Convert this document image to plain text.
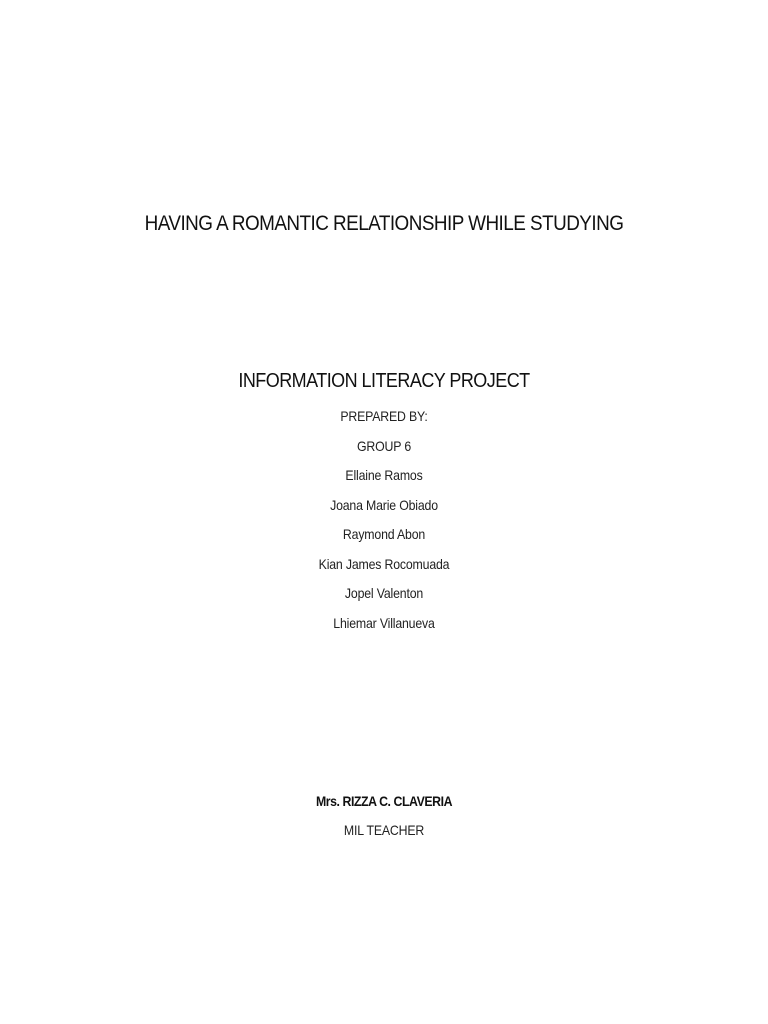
HAVING A ROMANTIC RELATIONSHIP WHILE STUDYING
INFORMATION LITERACY PROJECT
PREPARED BY:
GROUP 6
Ellaine Ramos
Joana Marie Obiado
Raymond Abon
Kian James Rocomuada
Jopel Valenton
Lhiemar Villanueva
Mrs. RIZZA C. CLAVERIA
MIL TEACHER
